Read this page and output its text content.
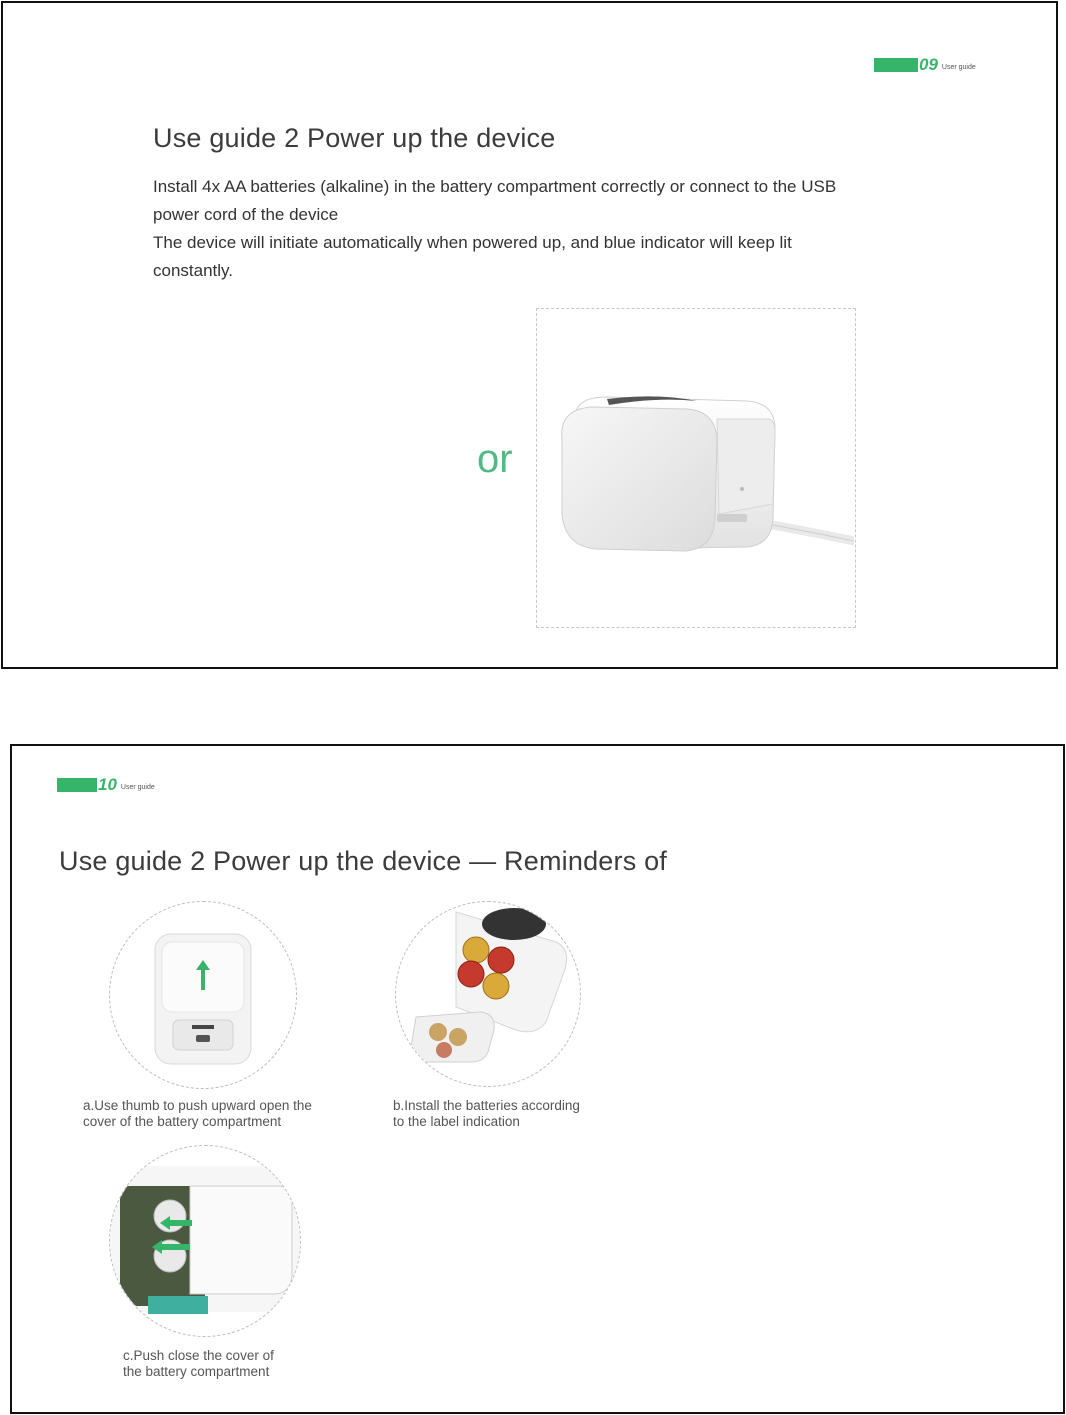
09 User guide
Use guide 2 Power up the device

Install 4x AA batteries (alkaline) in the battery compartment correctly or connect to the USB

power cord of the device

The device will initiate automatically when powered up, and blue indicator will keep lit

constantly.

or
10 User guide
Use guide 2 Power up the device — Reminders of
a.Use thumb to push upward open the
cover of the battery compartment
b.Install the batteries according
to the label indication
c.Push close the cover of
the battery compartment
